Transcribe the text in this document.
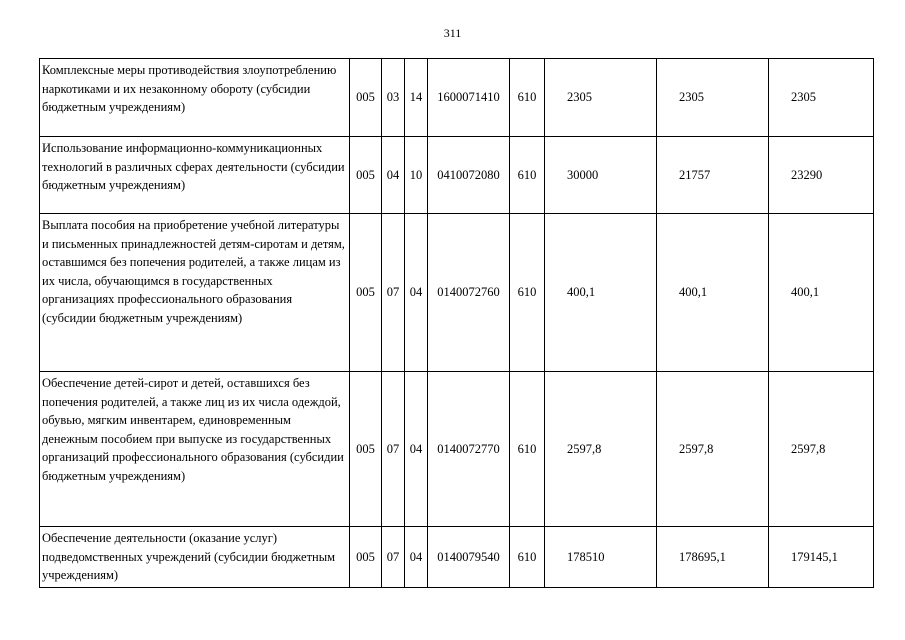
311
Комплексные меры противодействия злоупотреблению наркотиками и их незаконному обороту (субсидии бюджетным учреждениям)	005	03	14	1600071410	610	2305	2305	2305
Использование информационно-коммуникационных технологий в различных сферах деятельности (субсидии бюджетным учреждениям)	005	04	10	0410072080	610	30000	21757	23290
Выплата пособия на приобретение учебной литературы и письменных принадлежностей детям-сиротам и детям, оставшимся без попечения родителей, а также лицам из их числа, обучающимся в государственных организациях профессионального образования (субсидии бюджетным учреждениям)	005	07	04	0140072760	610	400,1	400,1	400,1
Обеспечение детей-сирот и детей, оставшихся без попечения родителей, а также лиц из их числа одеждой, обувью, мягким инвентарем, единовременным денежным пособием при выпуске из государственных организаций профессионального образования (субсидии бюджетным учреждениям)	005	07	04	0140072770	610	2597,8	2597,8	2597,8
Обеспечение деятельности (оказание услуг) подведомственных учреждений (субсидии бюджетным учреждениям)	005	07	04	0140079540	610	178510	178695,1	179145,1
